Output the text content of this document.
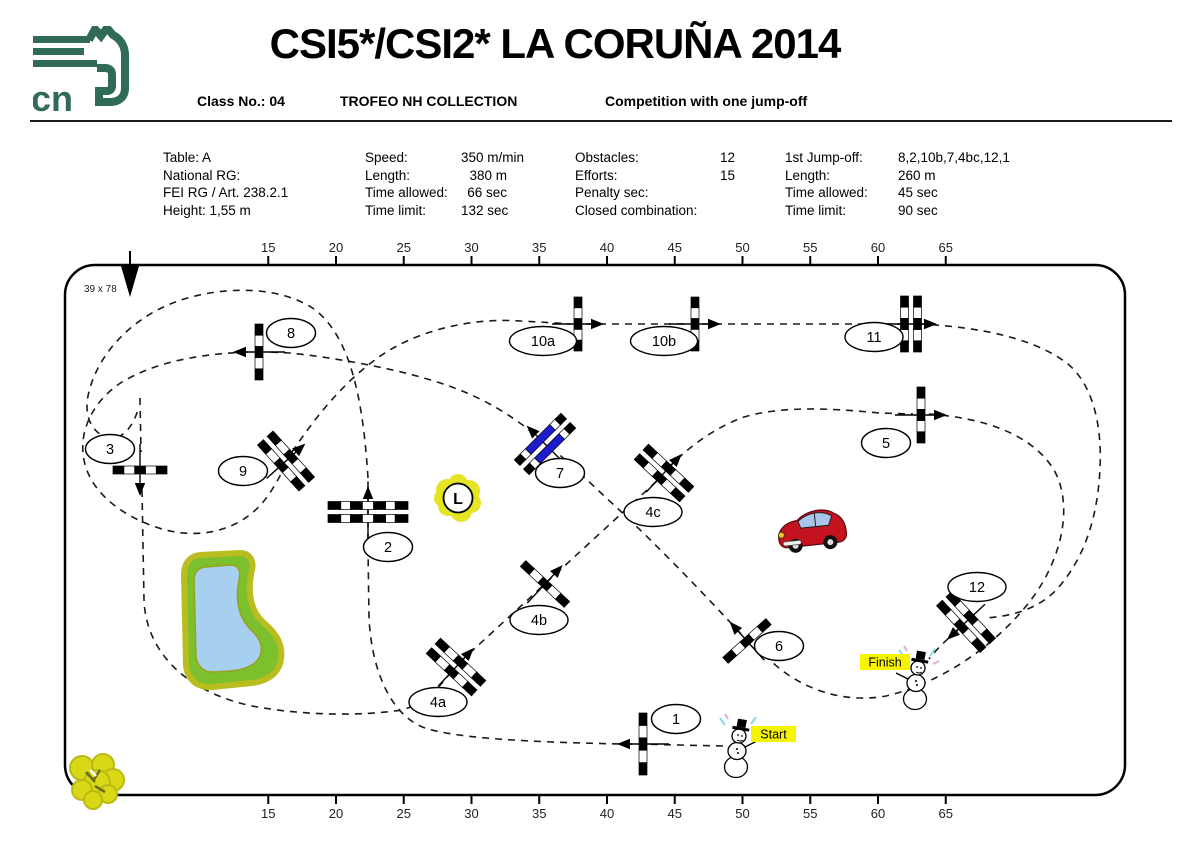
cn
CSI5*/CSI2* LA CORUÑA 2014
Class No.: 04	TROFEO NH COLLECTION	Competition with one jump-off
Table: A
National RG:
FEI RG / Art. 238.2.1
Height: 1,55 m
Speed:	350 m/min
Length:	380 m
Time allowed:	66 sec
Time limit:	132 sec
Obstacles:	12
Efforts:	15
Penalty sec:
Closed combination:
1st Jump-off:	8,2,10b,7,4bc,12,1
Length:	260 m
Time allowed:	45 sec
Time limit:	90 sec
15
15
20
20
25
25
30
30
35
35
40
40
45
45
50
50
55
55
60
60
65
65
39 x 78
L
Start
Finish
1
2
3
4a
4b
4c
5
6
7
8
9
10a	10b	11
12
